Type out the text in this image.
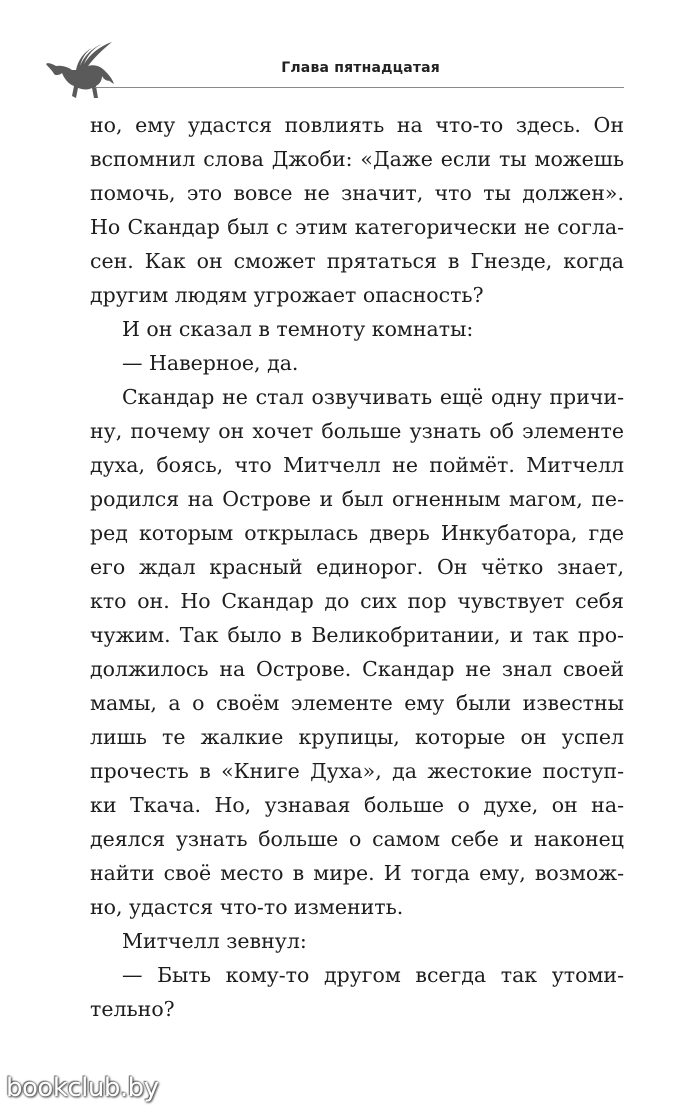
Глава пятнадцатая
но, ему удастся повлиять на что-то здесь. Он
вспомнил слова Джоби: «Даже если ты можешь
помочь, это вовсе не значит, что ты должен».
Но Скандар был с этим категорически не согла-
сен. Как он сможет прятаться в Гнезде, когда
другим людям угрожает опасность?
И он сказал в темноту комнаты:
— Наверное, да.
Скандар не стал озвучивать ещё одну причи-
ну, почему он хочет больше узнать об элементе
духа, боясь, что Митчелл не поймёт. Митчелл
родился на Острове и был огненным магом, пе-
ред которым открылась дверь Инкубатора, где
его ждал красный единорог. Он чётко знает,
кто он. Но Скандар до сих пор чувствует себя
чужим. Так было в Великобритании, и так про-
должилось на Острове. Скандар не знал своей
мамы, а о своём элементе ему были известны
лишь те жалкие крупицы, которые он успел
прочесть в «Книге Духа», да жестокие поступ-
ки Ткача. Но, узнавая больше о духе, он на-
деялся узнать больше о самом себе и наконец
найти своё место в мире. И тогда ему, возмож-
но, удастся что-то изменить.
Митчелл зевнул:
— Быть кому-то другом всегда так утоми-
тельно?
bookclub.by
